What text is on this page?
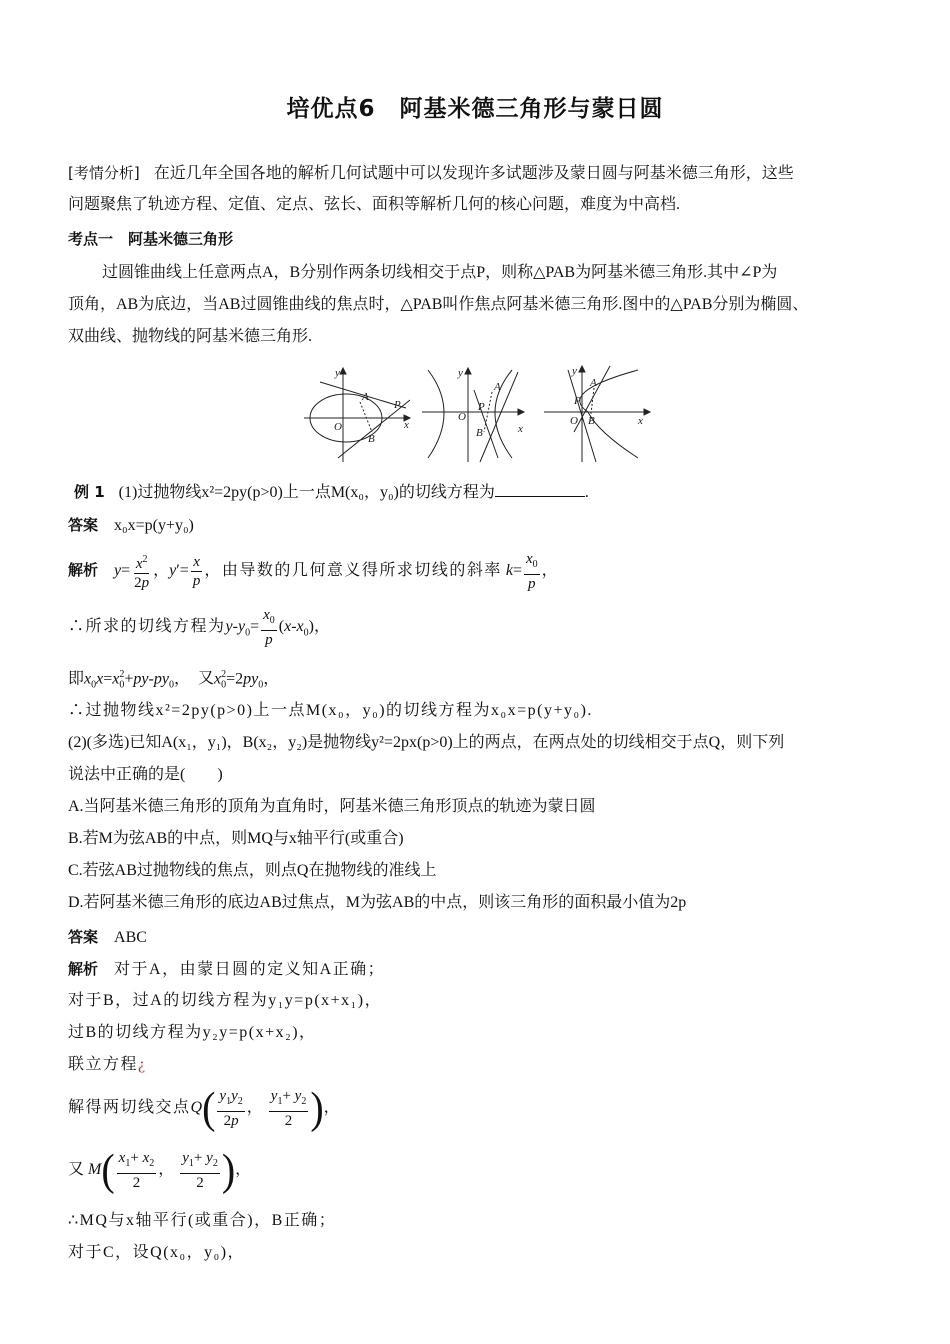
培优点6　阿基米德三角形与蒙日圆
[考情分析] 在近几年全国各地的解析几何试题中可以发现许多试题涉及蒙日圆与阿基米德三角形，这些
问题聚焦了轨迹方程、定值、定点、弦长、面积等解析几何的核心问题，难度为中高档.
考点一　阿基米德三角形
过圆锥曲线上任意两点A，B分别作两条切线相交于点P，则称△PAB为阿基米德三角形.其中∠P为
顶角，AB为底边，当AB过圆锥曲线的焦点时，△PAB叫作焦点阿基米德三角形.图中的△PAB分别为椭圆、
双曲线、抛物线的阿基米德三角形.
y
O
A
B
P
x
y
O
A
B
P
x
y
O
A
B
P
x
例 1 (1)过抛物线x²=2py(p>0)上一点M(x₀，y₀)的切线方程为	.
答案 x₀x=p(y+y₀)
解析 $y= \frac{x^2}{2p}$ ，$y'= \frac{x}{p}$ ，由导数的几何意义得所求切线的斜率 $k= \frac{x_0}{p}$ ，
∴所求的切线方程为$y-y_0= \frac{x_0}{p} (x-x_0)$，
即$x_0x=x_0^2+py-py_0$， 又$x_0^2=2py_0$，
∴过抛物线x²=2py(p>0)上一点M(x₀，y₀)的切线方程为x₀x=p(y+y₀).
(2)(多选)已知A(x₁，y₁)，B(x₂，y₂)是抛物线y²=2px(p>0)上的两点，在两点处的切线相交于点Q，则下列
说法中正确的是(　　)
A.当阿基米德三角形的顶角为直角时，阿基米德三角形顶点的轨迹为蒙日圆
B.若M为弦AB的中点，则MQ与x轴平行(或重合)
C.若弦AB过抛物线的焦点，则点Q在抛物线的准线上
D.若阿基米德三角形的底边AB过焦点，M为弦AB的中点，则该三角形的面积最小值为2p
答案 ABC
解析 对于A，由蒙日圆的定义知A正确；
对于B，过A的切线方程为y₁y=p(x+x₁)，
过B的切线方程为y₂y=p(x+x₂)，
联立方程¿
解得两切线交点$Q( \frac{y_1y_2}{2p}$ ， $\frac{y_1+ y_2}{2}$ )，
又 $M( \frac{x_1+ x_2}{2}$ ， $\frac{y_1+ y_2}{2}$ )，
∴MQ与x轴平行(或重合)，B正确；
对于C，设Q(x₀，y₀)，
